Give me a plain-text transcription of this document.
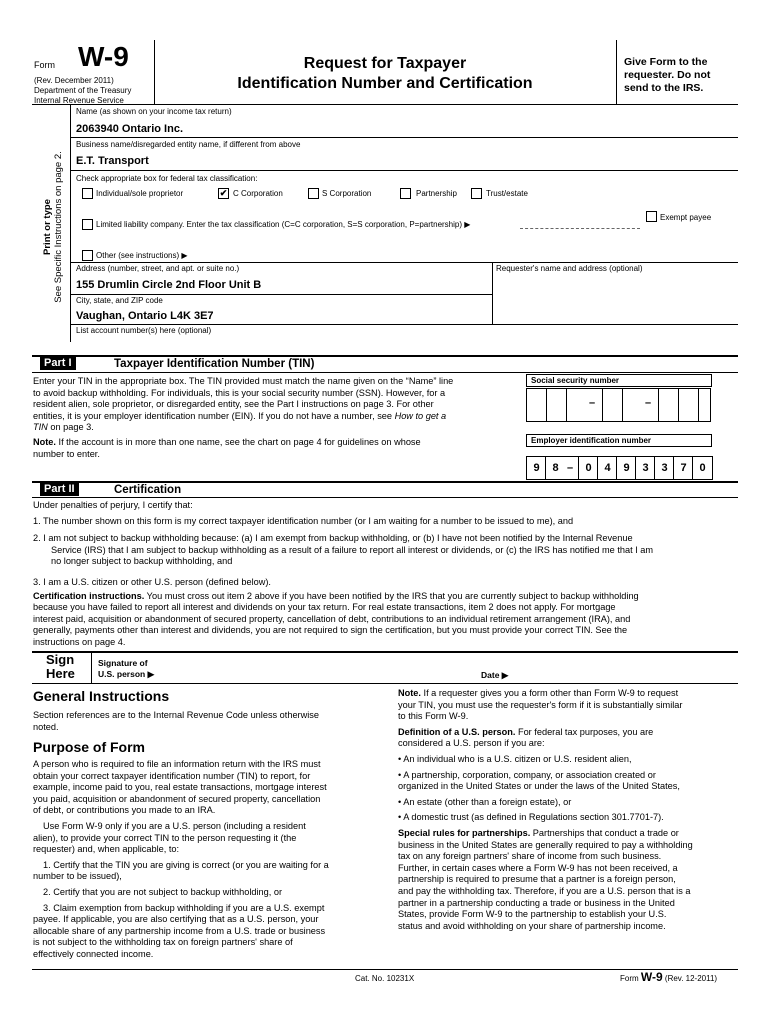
Form W-9
(Rev. December 2011)
Department of the Treasury
Internal Revenue Service
Request for Taxpayer
Identification Number and Certification
Give Form to the
requester. Do not
send to the IRS.
Print or type See Specific Instructions on page 2.
Name (as shown on your income tax return)
2063940 Ontario Inc.
Business name/disregarded entity name, if different from above
E.T. Transport
Check appropriate box for federal tax classification:
Individual/sole proprietor	✔ C Corporation	S Corporation	Partnership	Trust/estate
Limited liability company. Enter the tax classification (C=C corporation, S=S corporation, P=partnership) ▶
Exempt payee
Other (see instructions) ▶
Address (number, street, and apt. or suite no.)	Requester's name and address (optional)
155 Drumlin Circle 2nd Floor Unit B
City, state, and ZIP code
Vaughan, Ontario L4K 3E7
List account number(s) here (optional)
Part I	Taxpayer Identification Number (TIN)
Enter your TIN in the appropriate box. The TIN provided must match the name given on the “Name” line
to avoid backup withholding. For individuals, this is your social security number (SSN). However, for a
resident alien, sole proprietor, or disregarded entity, see the Part I instructions on page 3. For other
entities, it is your employer identification number (EIN). If you do not have a number, see How to get a
TIN on page 3.
Note. If the account is in more than one name, see the chart on page 4 for guidelines on whose
number to enter.
Social security number
–	–
Employer identification number
9	8 –	0	4	9	3	3	7	0
Part II	Certification
Under penalties of perjury, I certify that:
1. The number shown on this form is my correct taxpayer identification number (or I am waiting for a number to be issued to me), and
2. I am not subject to backup withholding because: (a) I am exempt from backup withholding, or (b) I have not been notified by the Internal Revenue
Service (IRS) that I am subject to backup withholding as a result of a failure to report all interest or dividends, or (c) the IRS has notified me that I am
no longer subject to backup withholding, and
3. I am a U.S. citizen or other U.S. person (defined below).
Certification instructions. You must cross out item 2 above if you have been notified by the IRS that you are currently subject to backup withholding
because you have failed to report all interest and dividends on your tax return. For real estate transactions, item 2 does not apply. For mortgage
interest paid, acquisition or abandonment of secured property, cancellation of debt, contributions to an individual retirement arrangement (IRA), and
generally, payments other than interest and dividends, you are not required to sign the certification, but you must provide your correct TIN. See the
instructions on page 4.
Sign
Here
Signature of
U.S. person ▶	Date ▶
General Instructions
Section references are to the Internal Revenue Code unless otherwise
noted.
Purpose of Form
A person who is required to file an information return with the IRS must
obtain your correct taxpayer identification number (TIN) to report, for
example, income paid to you, real estate transactions, mortgage interest
you paid, acquisition or abandonment of secured property, cancellation
of debt, or contributions you made to an IRA.
Use Form W-9 only if you are a U.S. person (including a resident
alien), to provide your correct TIN to the person requesting it (the
requester) and, when applicable, to:
1. Certify that the TIN you are giving is correct (or you are waiting for a
number to be issued),
2. Certify that you are not subject to backup withholding, or
3. Claim exemption from backup withholding if you are a U.S. exempt
payee. If applicable, you are also certifying that as a U.S. person, your
allocable share of any partnership income from a U.S. trade or business
is not subject to the withholding tax on foreign partners' share of
effectively connected income.
Note. If a requester gives you a form other than Form W-9 to request
your TIN, you must use the requester's form if it is substantially similar
to this Form W-9.
Definition of a U.S. person. For federal tax purposes, you are
considered a U.S. person if you are:
• An individual who is a U.S. citizen or U.S. resident alien,
• A partnership, corporation, company, or association created or
organized in the United States or under the laws of the United States,
• An estate (other than a foreign estate), or
• A domestic trust (as defined in Regulations section 301.7701-7).
Special rules for partnerships. Partnerships that conduct a trade or
business in the United States are generally required to pay a withholding
tax on any foreign partners' share of income from such business.
Further, in certain cases where a Form W-9 has not been received, a
partnership is required to presume that a partner is a foreign person,
and pay the withholding tax. Therefore, if you are a U.S. person that is a
partner in a partnership conducting a trade or business in the United
States, provide Form W-9 to the partnership to establish your U.S.
status and avoid withholding on your share of partnership income.
Cat. No. 10231X	Form W-9 (Rev. 12-2011)
